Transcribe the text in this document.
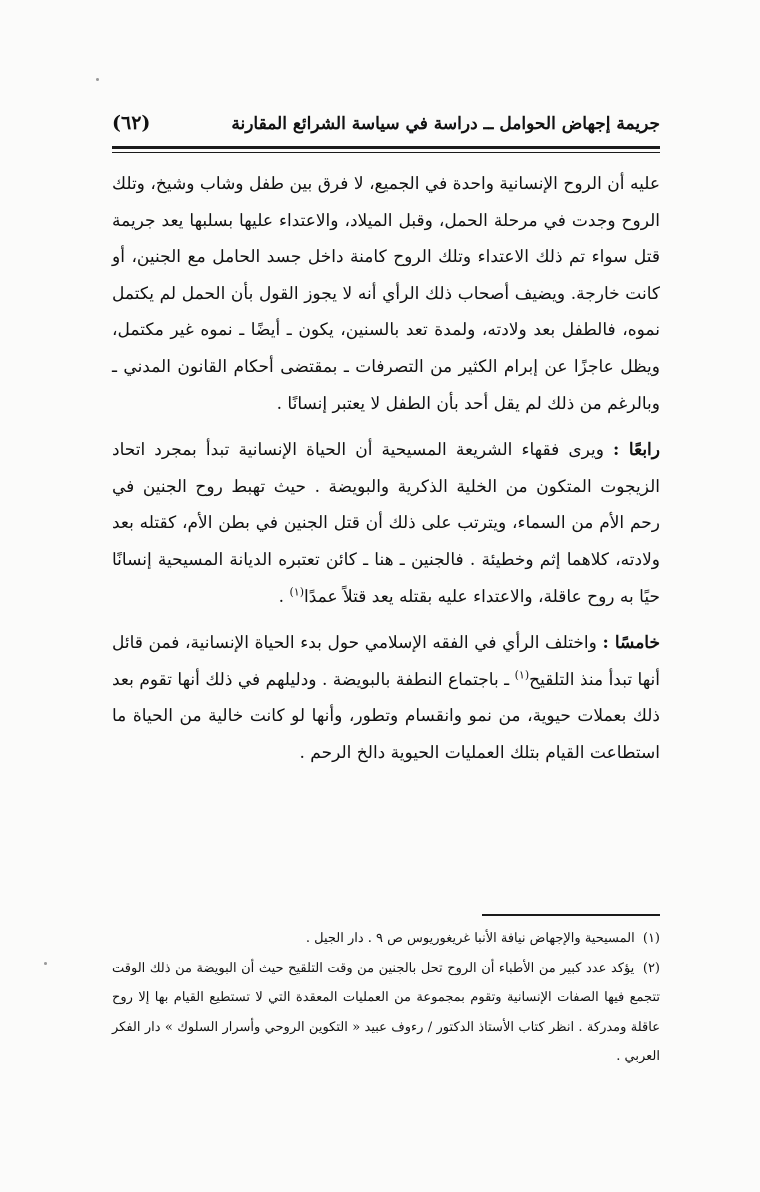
جريمة إجهاض الحوامل ــ دراسة في سياسة الشرائع المقارنة
(٦٢)

عليه أن الروح الإنسانية واحدة في الجميع، لا فرق بين طفل وشاب وشيخ، وتلك الروح وجدت في مرحلة الحمل، وقبل الميلاد، والاعتداء عليها بسلبها يعد جريمة قتل سواء تم ذلك الاعتداء وتلك الروح كامنة داخل جسد الحامل مع الجنين، أو كانت خارجة. ويضيف أصحاب ذلك الرأي أنه لا يجوز القول بأن الحمل لم يكتمل نموه، فالطفل بعد ولادته، ولمدة تعد بالسنين، يكون ـ أيضًا ـ نموه غير مكتمل، ويظل عاجزًا عن إبرام الكثير من التصرفات ـ بمقتضى أحكام القانون المدني ـ وبالرغم من ذلك لم يقل أحد بأن الطفل لا يعتبر إنسانًا .

رابعًا : ويرى فقهاء الشريعة المسيحية أن الحياة الإنسانية تبدأ بمجرد اتحاد الزيجوت المتكون من الخلية الذكرية والبويضة . حيث تهبط روح الجنين في رحم الأم من السماء، ويترتب على ذلك أن قتل الجنين في بطن الأم، كقتله بعد ولادته، كلاهما إثم وخطيئة . فالجنين ـ هنا ـ كائن تعتبره الديانة المسيحية إنسانًا حيًا به روح عاقلة، والاعتداء عليه بقتله يعد قتلاً عمدًا$^{(١)}$ .

خامسًا : واختلف الرأي في الفقه الإسلامي حول بدء الحياة الإنسانية، فمن قائل أنها تبدأ منذ التلقيح$^{(١)}$ ـ باجتماع النطفة بالبويضة . ودليلهم في ذلك أنها تقوم بعد ذلك بعملات حيوية، من نمو وانقسام وتطور، وأنها لو كانت خالية من الحياة ما استطاعت القيام بتلك العمليات الحيوية دالخ الرحم .

(١) المسيحية والإجهاض نيافة الأنبا غريغوريوس ص ٩ . دار الجيل .

(٢) يؤكد عدد كبير من الأطباء أن الروح تحل بالجنين من وقت التلقيح حيث أن البويضة من ذلك الوقت تتجمع فيها الصفات الإنسانية وتقوم بمجموعة من العمليات المعقدة التي لا تستطيع القيام بها إلا روح عاقلة ومدركة . انظر كتاب الأستاذ الدكتور / رءوف عبيد « التكوين الروحي وأسرار السلوك » دار الفكر العربي .
